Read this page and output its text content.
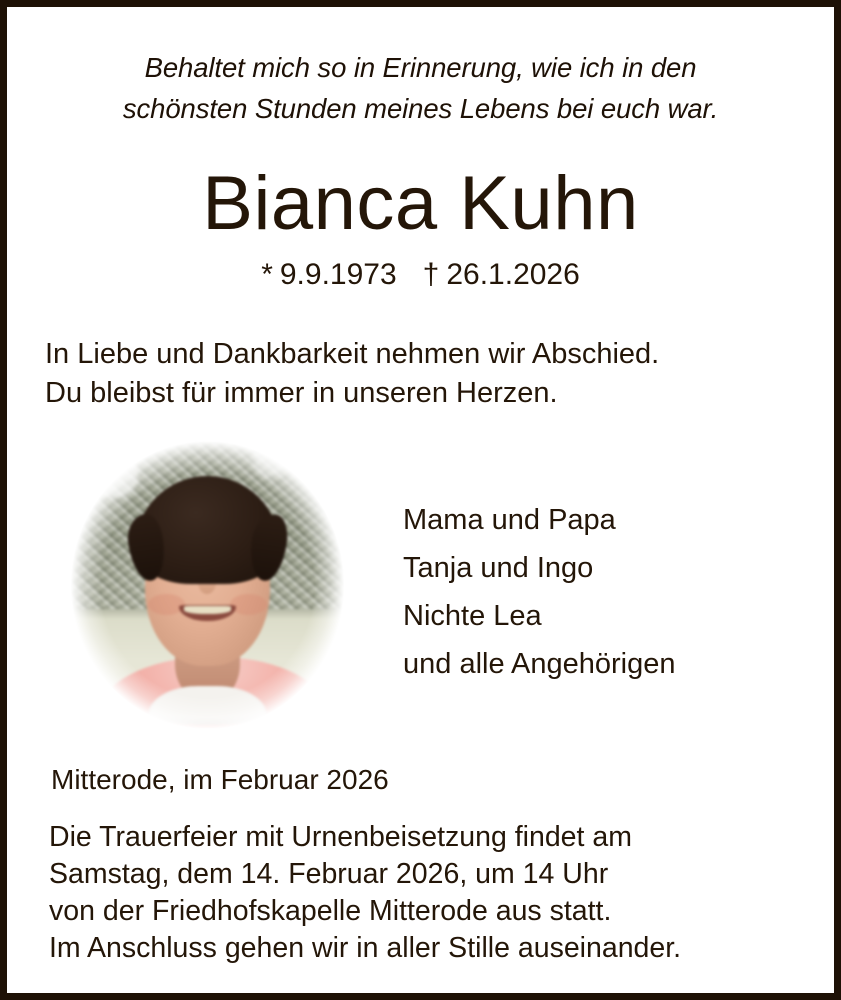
Behaltet mich so in Erinnerung, wie ich in den
schönsten Stunden meines Lebens bei euch war.
Bianca Kuhn
* 9.9.1973 † 26.1.2026
In Liebe und Dankbarkeit nehmen wir Abschied.
Du bleibst für immer in unseren Herzen.
Mama und Papa
Tanja und Ingo
Nichte Lea
und alle Angehörigen
Mitterode, im Februar 2026
Die Trauerfeier mit Urnenbeisetzung findet am
Samstag, dem 14. Februar 2026, um 14 Uhr
von der Friedhofskapelle Mitterode aus statt.
Im Anschluss gehen wir in aller Stille auseinander.
